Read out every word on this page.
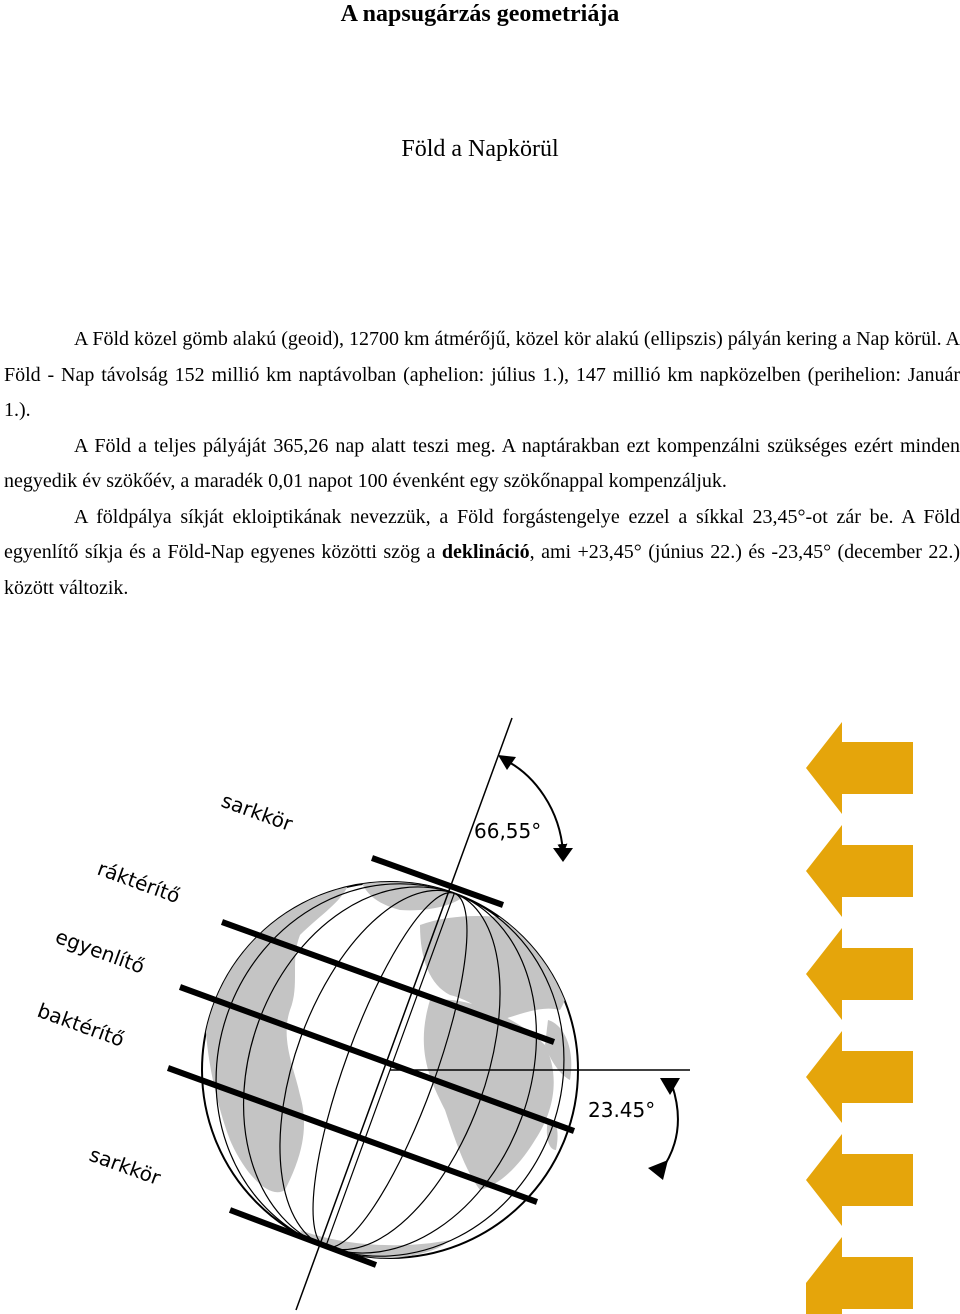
A napsugárzás geometriája
Föld a Napkörül

A Föld közel gömb alakú (geoid), 12700 km átmérőjű, közel kör alakú (ellipszis) pályán kering a Nap körül. A Föld - Nap távolság 152 millió km naptávolban (aphelion: július 1.), 147 millió km napközelben (perihelion: Január 1.).

A Föld a teljes pályáját 365,26 nap alatt teszi meg. A naptárakban ezt kompenzálni szükséges ezért minden negyedik év szökőév, a maradék 0,01 napot 100 évenként egy szökőnappal kompenzáljuk.

A földpálya síkját ekloiptikának nevezzük, a Föld forgástengelye ezzel a síkkal 23,45°-ot zár be. A Föld egyenlítő síkja és a Föld-Nap egyenes közötti szög a deklináció, ami +23,45° (június 22.) és -23,45° (december 22.) között változik.

sarkkör
ráktérítő
egyenlítő
baktérítő
sarkkör
66,55°
23.45°
